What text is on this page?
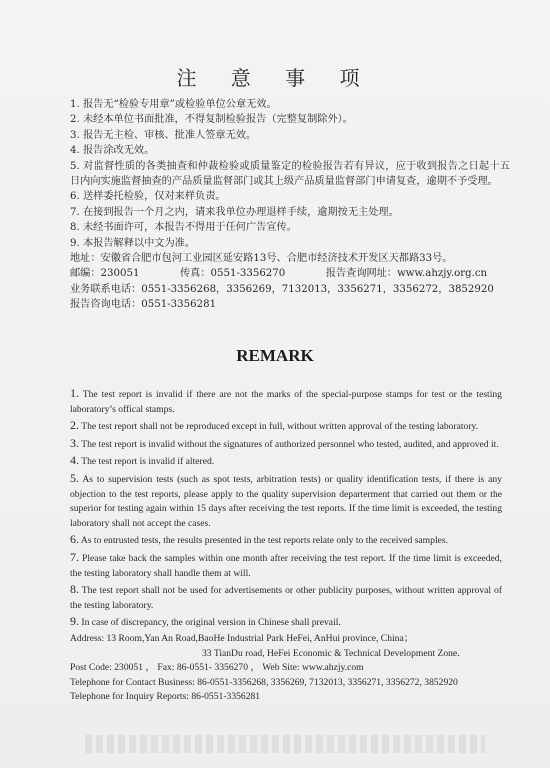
注 意 事 项
1. 报告无“检验专用章”或检验单位公章无效。
2. 未经本单位书面批准，不得复制检验报告（完整复制除外）。
3. 报告无主检、审核、批准人签章无效。
4. 报告涂改无效。
5. 对监督性质的各类抽查和仲裁检验或质量鉴定的检验报告若有异议，应于收到报告之日起十五日内向实施监督抽查的产品质量监督部门或其上级产品质量监督部门申请复查，逾期不予受理。
6. 送样委托检验，仅对来样负责。
7. 在接到报告一个月之内，请来我单位办理退样手续，逾期按无主处理。
8. 未经书面许可，本报告不得用于任何广告宣传。
9. 本报告解释以中文为准。
地址：安徽省合肥市包河工业园区延安路13号、合肥市经济技术开发区天都路33号。
邮编：230051	传真：0551-3356270	报告查询网址：www.ahzjy.org.cn
业务联系电话：0551-3356268，3356269，7132013，3356271，3356272，3852920
报告咨询电话：0551-3356281
REMARK
1. The test report is invalid if there are not the marks of the special-purpose stamps for test or the testing laboratory’s offical stamps.
2. The test report shall not be reproduced except in full, without written approval of the testing laboratory.
3. The test report is invalid without the signatures of authorized personnel who tested, audited, and approved it.
4. The test report is invalid if altered.
5. As to supervision tests (such as spot tests, arbitration tests) or quality identification tests, if there is any objection to the test reports, please apply to the quality supervision departerment that carried out them or the superior for testing again within 15 days after receiving the test reports. If the time limit is exceeded, the testing laboratory shall not accept the cases.
6. As to entrusted tests, the results presented in the test reports relate only to the received samples.
7. Please take back the samples within one month after receiving the test report. If the time limit is exceeded, the testing laboratory shall handle them at will.
8. The test report shall not be used for advertisements or other publicity purposes, without written approval of the testing laboratory.
9. In case of discrepancy, the original version in Chinese shall prevail.
Address: 13 Room,Yan An Road,BaoHe Industrial Park HeFei, AnHui province, China；
33 TianDu road, HeFei Economic & Technical Development Zone.
Post Code: 230051 ， Fax: 86-0551- 3356270 ， Web Site: www.ahzjy.com
Telephone for Contact Business: 86-0551-3356268, 3356269, 7132013, 3356271, 3356272, 3852920
Telephone for Inquiry Reports: 86-0551-3356281
